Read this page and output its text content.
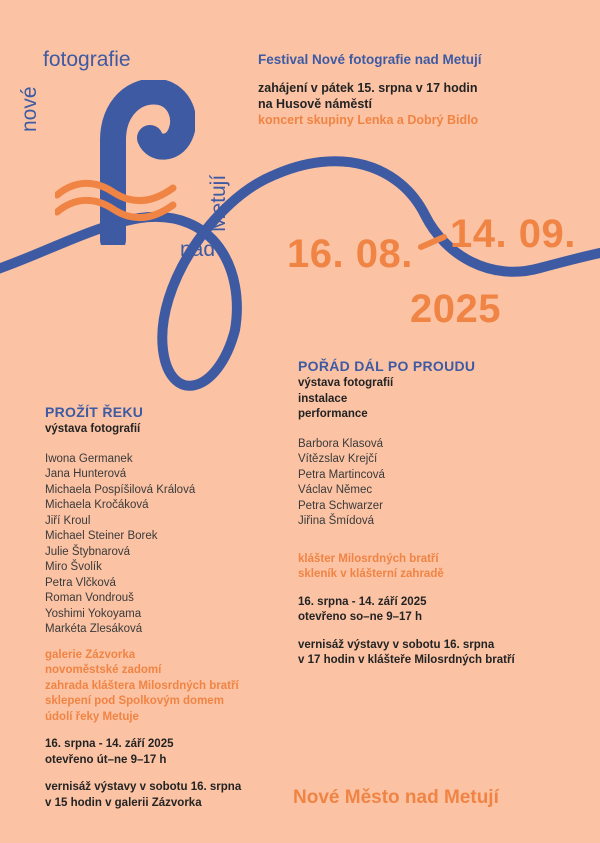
fotografie
nové
nad
Metují
Festival Nové fotografie nad Metují
zahájení v pátek 15. srpna v 17 hodin
na Husově náměstí
koncert skupiny Lenka a Dobrý Bidlo
16. 08. 14. 09.
2025
PROŽÍT ŘEKU
výstava fotografií
Iwona Germanek
Jana Hunterová
Michaela Pospíšilová Králová
Michaela Kročáková
Jiří Kroul
Michael Steiner Borek
Julie Štybnarová
Miro Švolík
Petra Vlčková
Roman Vondrouš
Yoshimi Yokoyama
Markéta Zlesáková
galerie Zázvorka
novoměstské zadomí
zahrada kláštera Milosrdných bratří
sklepení pod Spolkovým domem
údolí řeky Metuje
16. srpna - 14. září 2025
otevřeno út–ne 9–17 h
vernisáž výstavy v sobotu 16. srpna
v 15 hodin v galerii Zázvorka
POŘÁD DÁL PO PROUDU
výstava fotografií
instalace
performance
Barbora Klasová
Vítězslav Krejčí
Petra Martincová
Václav Němec
Petra Schwarzer
Jiřina Šmídová
klášter Milosrdných bratří
skleník v klášterní zahradě
16. srpna - 14. září 2025
otevřeno so–ne 9–17 h
vernisáž výstavy v sobotu 16. srpna
v 17 hodin v klášteře Milosrdných bratří
Nové Město nad Metují
